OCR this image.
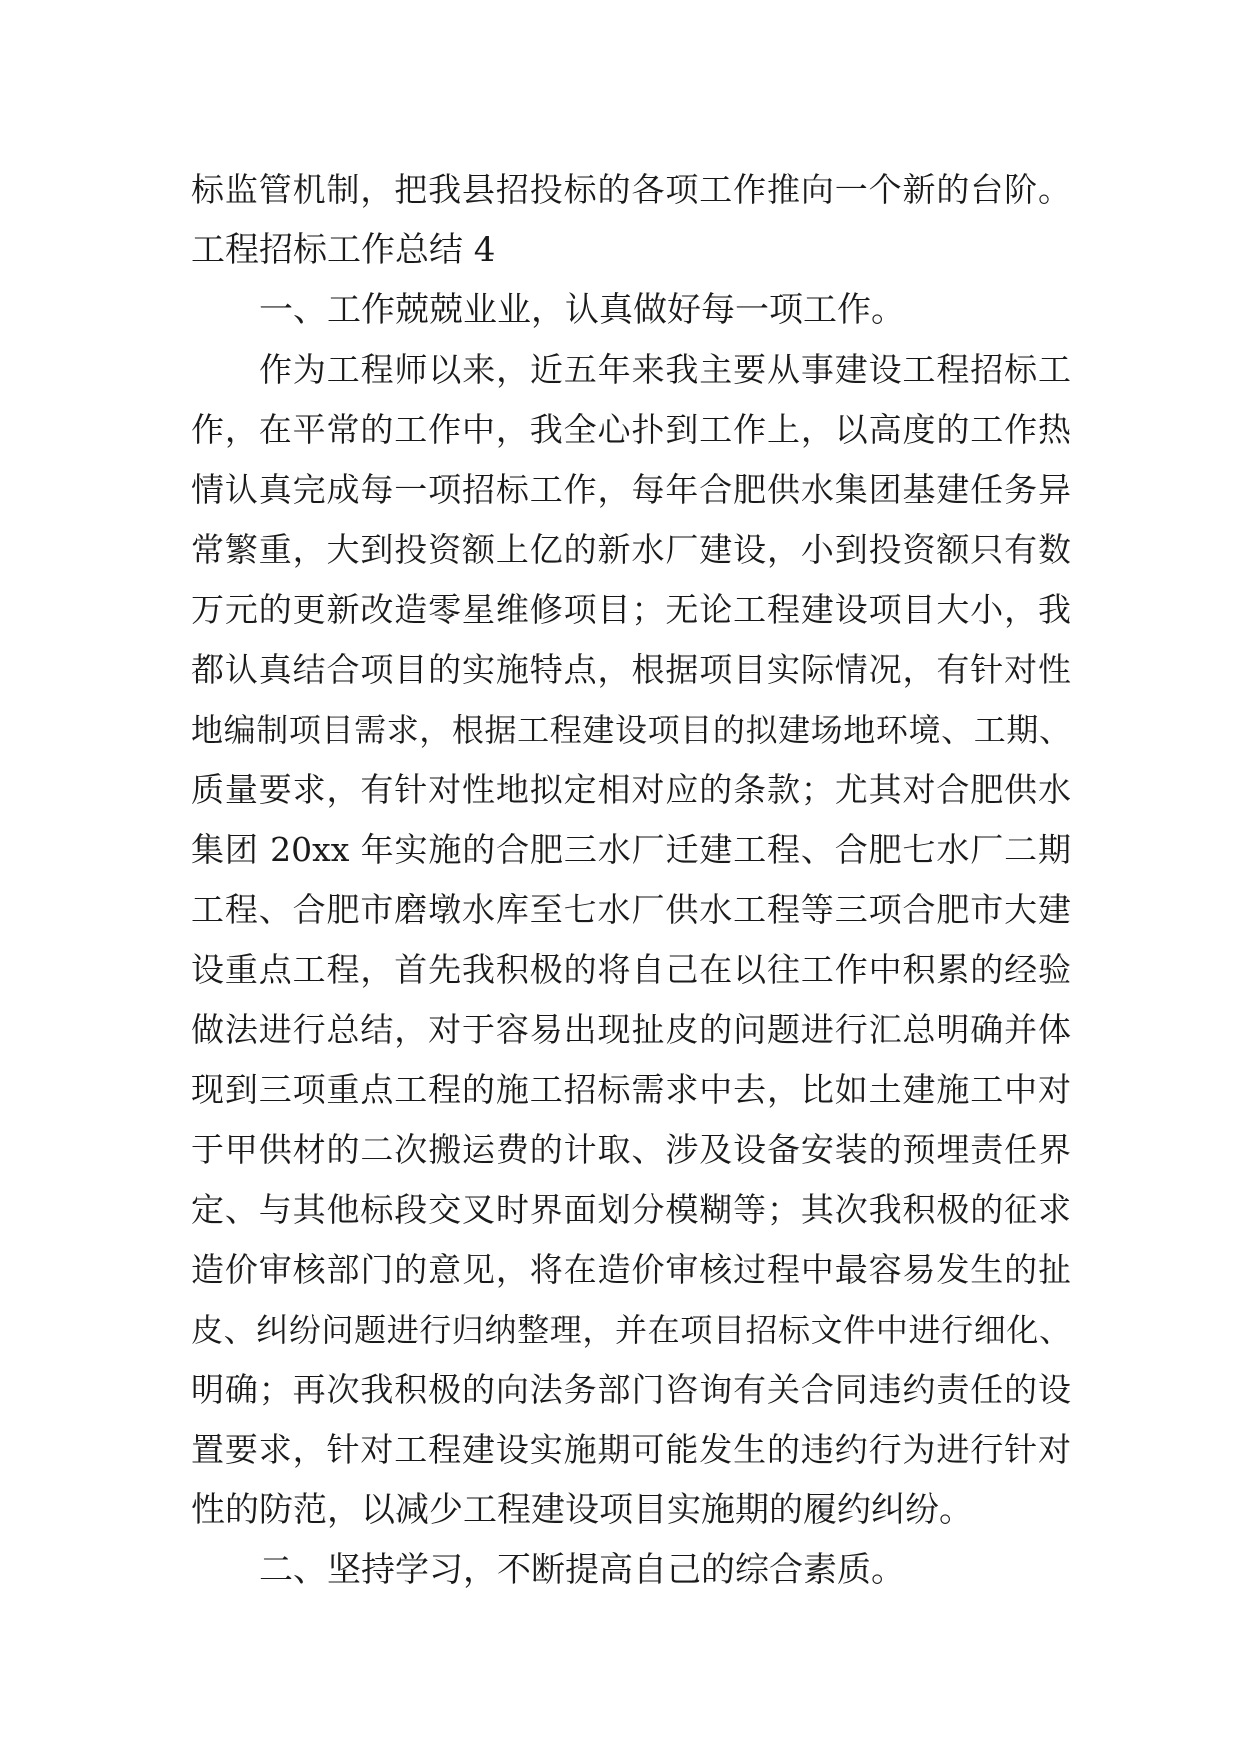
标监管机制，把我县招投标的各项工作推向一个新的台阶。
工程招标工作总结 4
一、工作兢兢业业，认真做好每一项工作。
作为工程师以来，近五年来我主要从事建设工程招标工
作，在平常的工作中，我全心扑到工作上，以高度的工作热
情认真完成每一项招标工作，每年合肥供水集团基建任务异
常繁重，大到投资额上亿的新水厂建设，小到投资额只有数
万元的更新改造零星维修项目；无论工程建设项目大小，我
都认真结合项目的实施特点，根据项目实际情况，有针对性
地编制项目需求，根据工程建设项目的拟建场地环境、工期、
质量要求，有针对性地拟定相对应的条款；尤其对合肥供水
集团 20xx 年实施的合肥三水厂迁建工程、合肥七水厂二期
工程、合肥市磨墩水库至七水厂供水工程等三项合肥市大建
设重点工程，首先我积极的将自己在以往工作中积累的经验
做法进行总结，对于容易出现扯皮的问题进行汇总明确并体
现到三项重点工程的施工招标需求中去，比如土建施工中对
于甲供材的二次搬运费的计取、涉及设备安装的预埋责任界
定、与其他标段交叉时界面划分模糊等；其次我积极的征求
造价审核部门的意见，将在造价审核过程中最容易发生的扯
皮、纠纷问题进行归纳整理，并在项目招标文件中进行细化、
明确；再次我积极的向法务部门咨询有关合同违约责任的设
置要求，针对工程建设实施期可能发生的违约行为进行针对
性的防范，以减少工程建设项目实施期的履约纠纷。
二、坚持学习，不断提高自己的综合素质。
